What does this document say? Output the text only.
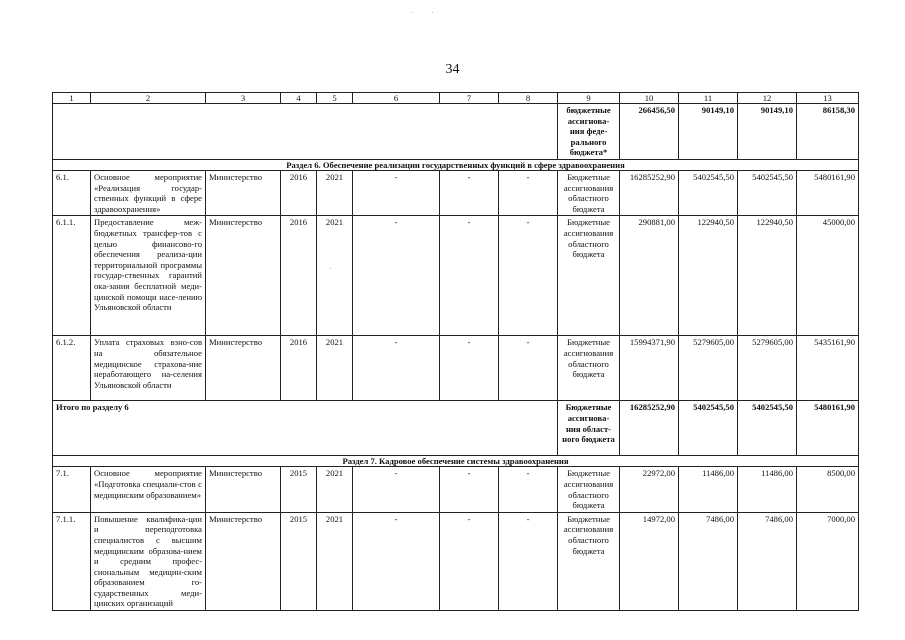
34
1	2	3	4	5	6	7	8	9	10	11	12	13
								бюджетные ассигнова-ния феде-рального бюджета*	266456,50	90149,10	90149,10	86158,30
Раздел 6. Обеспечение реализации государственных функций в сфере здравоохранения												
6.1.	Основное мероприятие «Реализация государ-ственных функций в сфере здравоохранения»	Министерство	2016	2021	-	-	-	Бюджетные ассигнования областного бюджета	16285252,90	5402545,50	5402545,50	5480161,90
6.1.1.	Предоставление меж-бюджетных трансфер-тов с целью финансово-го обеспечения реализа-ции территориальной программы государ-ственных гарантий ока-зания бесплатной меди-цинской помощи насе-лению Ульяновской области	Министерство	2016	2021	-	-	-	Бюджетные ассигнования областного бюджета	290881,00	122940,50	122940,50	45000,00
6.1.2.	Уплата страховых взно-сов на обязательное медицинское страхова-ние неработающего на-селения Ульяновской области	Министерство	2016	2021	-	-	-	Бюджетные ассигнования областного бюджета	15994371,90	5279605,00	5279605,00	5435161,90
Итого по разделу 6								Бюджетные ассигнова-ния област-ного бюджета	16285252,90	5402545,50	5402545,50	5480161,90
Раздел 7. Кадровое обеспечение системы здравоохранения												
7.1.	Основное мероприятие «Подготовка специали-стов с медицинским образованием»	Министерство	2015	2021	-	-	-	Бюджетные ассигнования областного бюджета	22972,00	11486,00	11486,00	8500,00
7.1.1.	Повышение квалифика-ции и переподготовка специалистов с высшим медицинским образова-нием и средним профес-сиональным медицин-ским образованием го-сударственных меди-цинских организаций	Министерство	2015	2021	-	-	-	Бюджетные ассигнования областного бюджета	14972,00	7486,00	7486,00	7000,00
